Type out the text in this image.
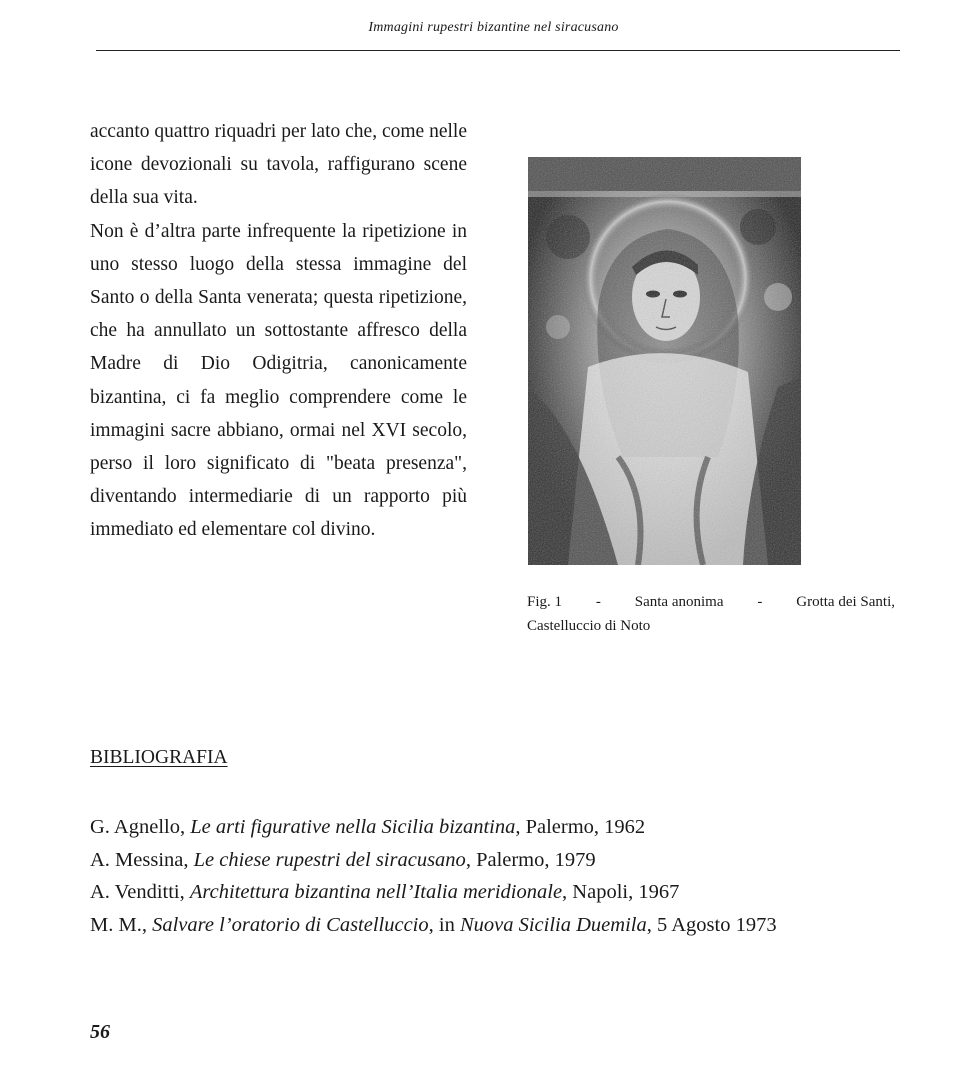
Immagini rupestri bizantine nel siracusano

accanto quattro riquadri per lato che, come nelle icone devozionali su tavola, raffigurano scene della sua vita.

Non è d’altra parte infrequente la ripetizione in uno stesso luogo della stessa immagine del Santo o della Santa venerata; questa ripetizione, che ha annullato un sottostante affresco della Madre di Dio Odigitria, canonicamente bizantina, ci fa meglio comprendere come le immagini sacre abbiano, ormai nel XVI secolo, perso il loro significato di "beata presenza", diventando intermediarie di un rapporto più immediato ed elementare col divino.

Fig. 1 - Santa anonima - Grotta dei Santi,
Castelluccio di Noto
BIBLIOGRAFIA
G. Agnello, Le arti figurative nella Sicilia bizantina, Palermo, 1962
A. Messina, Le chiese rupestri del siracusano, Palermo, 1979
A. Venditti, Architettura bizantina nell’Italia meridionale, Napoli, 1967
M. M., Salvare l’oratorio di Castelluccio, in Nuova Sicilia Duemila, 5 Agosto 1973
56
